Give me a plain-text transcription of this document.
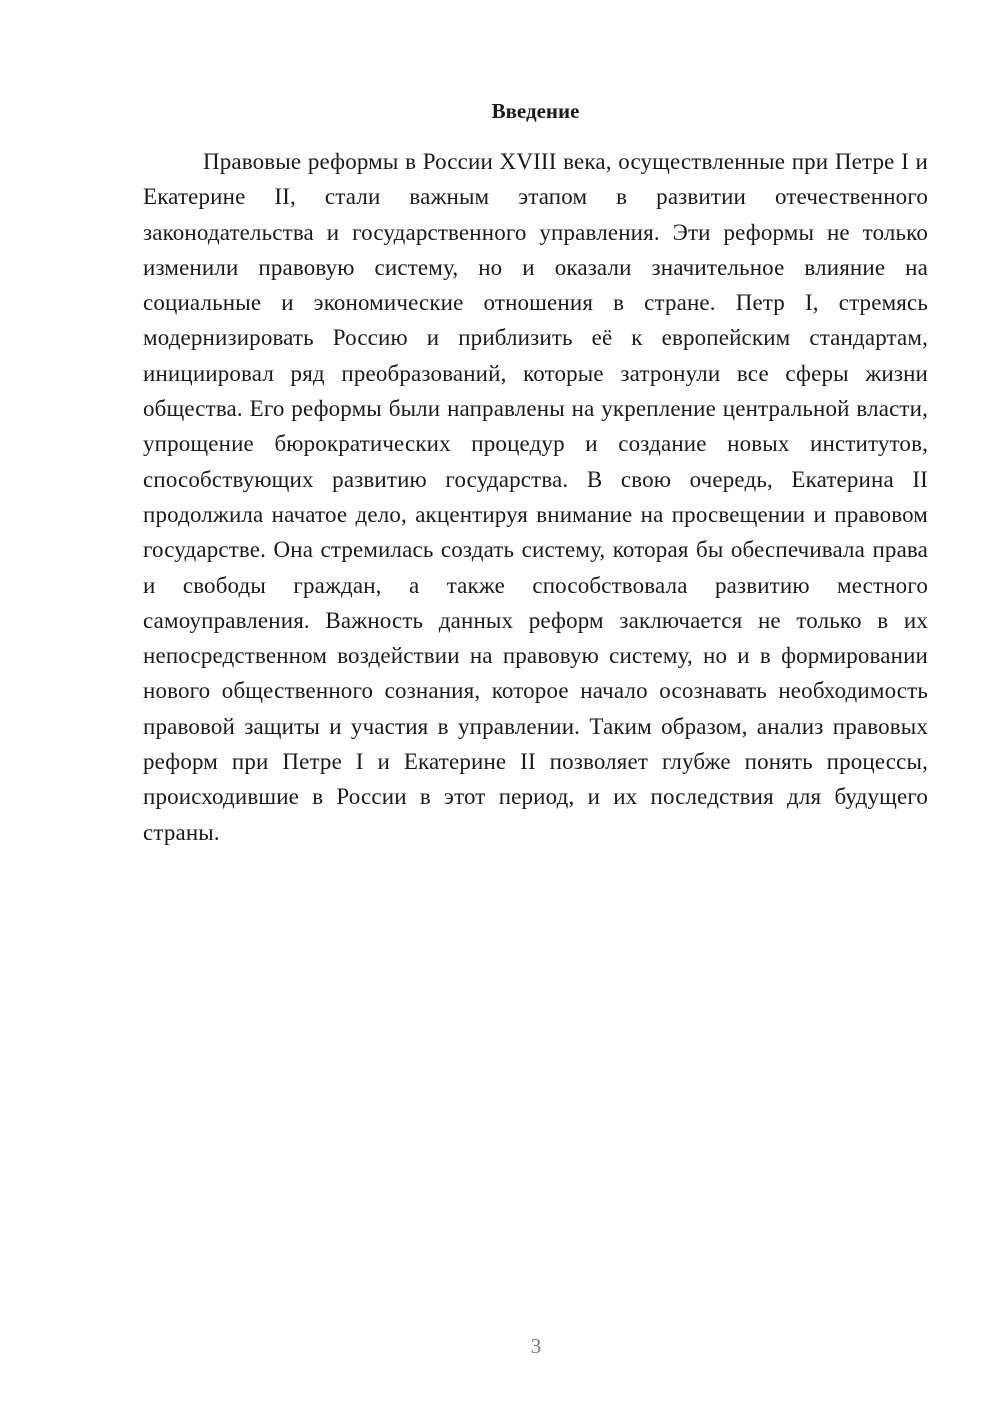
Введение

Правовые реформы в России XVIII века, осуществленные при Петре I и Екатерине II, стали важным этапом в развитии отечественного законодательства и государственного управления. Эти реформы не только изменили правовую систему, но и оказали значительное влияние на социальные и экономические отношения в стране. Петр I, стремясь модернизировать Россию и приблизить её к европейским стандартам, инициировал ряд преобразований, которые затронули все сферы жизни общества. Его реформы были направлены на укрепление центральной власти, упрощение бюрократических процедур и создание новых институтов, способствующих развитию государства. В свою очередь, Екатерина II продолжила начатое дело, акцентируя внимание на просвещении и правовом государстве. Она стремилась создать систему, которая бы обеспечивала права и свободы граждан, а также способствовала развитию местного самоуправления. Важность данных реформ заключается не только в их непосредственном воздействии на правовую систему, но и в формировании нового общественного сознания, которое начало осознавать необходимость правовой защиты и участия в управлении. Таким образом, анализ правовых реформ при Петре I и Екатерине II позволяет глубже понять процессы, происходившие в России в этот период, и их последствия для будущего страны.

3
